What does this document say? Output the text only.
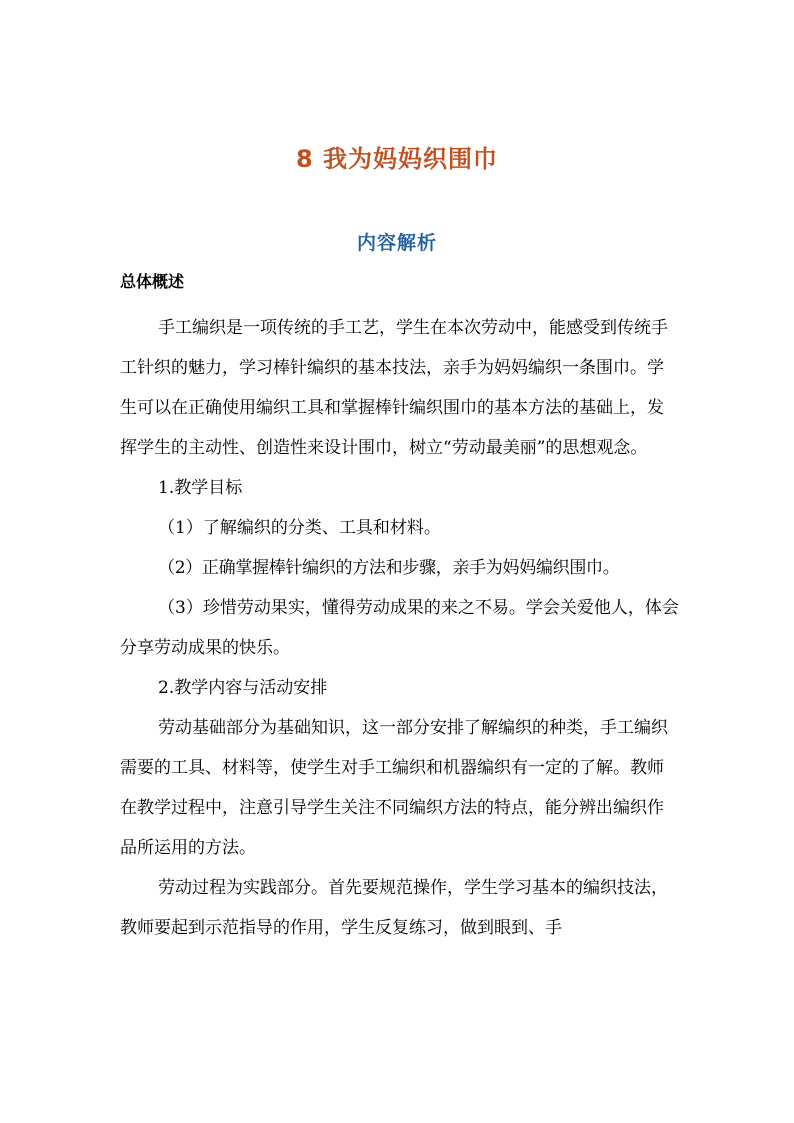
8 我为妈妈织围巾
内容解析
总体概述

手工编织是一项传统的手工艺，学生在本次劳动中，能感受到传统手工针织的魅力，学习棒针编织的基本技法，亲手为妈妈编织一条围巾。学生可以在正确使用编织工具和掌握棒针编织围巾的基本方法的基础上，发挥学生的主动性、创造性来设计围巾，树立“劳动最美丽”的思想观念。

1.教学目标

（1）了解编织的分类、工具和材料。

（2）正确掌握棒针编织的方法和步骤，亲手为妈妈编织围巾。

（3）珍惜劳动果实，懂得劳动成果的来之不易。学会关爱他人，体会分享劳动成果的快乐。

2.教学内容与活动安排

劳动基础部分为基础知识，这一部分安排了解编织的种类，手工编织需要的工具、材料等，使学生对手工编织和机器编织有一定的了解。教师在教学过程中，注意引导学生关注不同编织方法的特点，能分辨出编织作品所运用的方法。

劳动过程为实践部分。首先要规范操作，学生学习基本的编织技法，教师要起到示范指导的作用，学生反复练习，做到眼到、手
